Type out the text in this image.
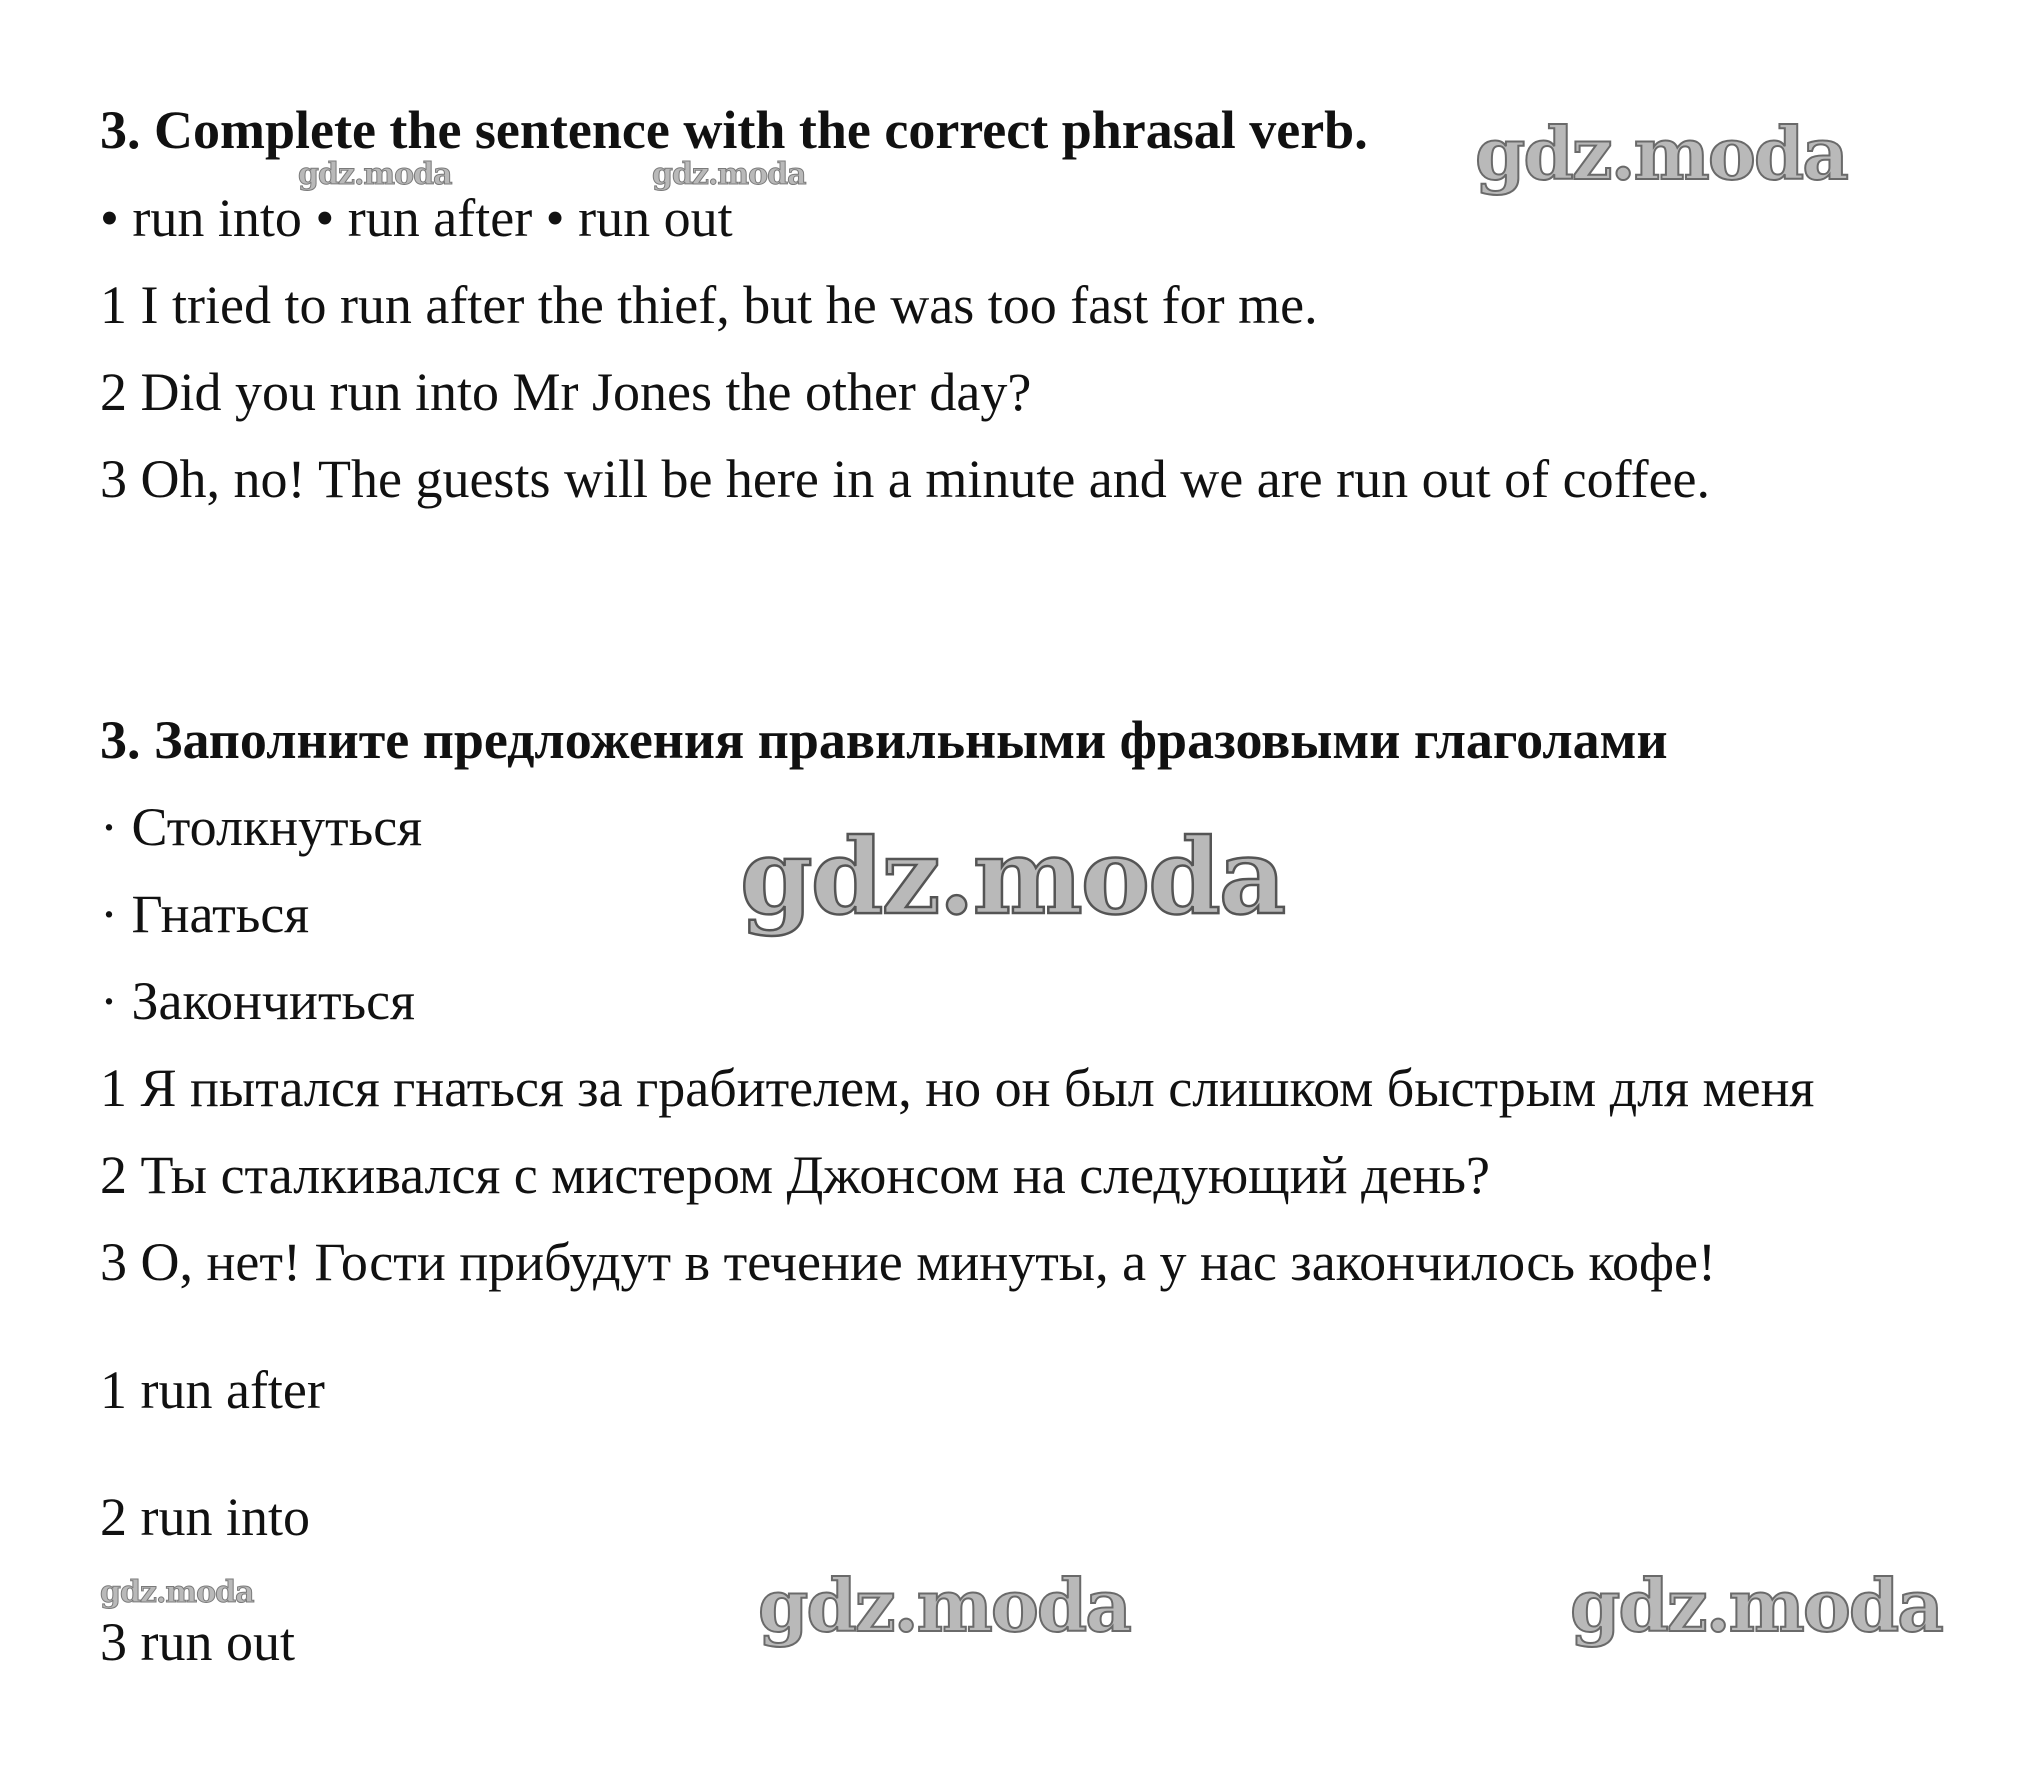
3. Complete the sentence with the correct phrasal verb.
• run into • run after • run out
1 I tried to run after the thief, but he was too fast for me.
2 Did you run into Mr Jones the other day?
3 Oh, no! The guests will be here in a minute and we are run out of coffee.
3. Заполните предложения правильными фразовыми глаголами
· Столкнуться
· Гнаться
· Закончиться
1 Я пытался гнаться за грабителем, но он был слишком быстрым для меня
2 Ты сталкивался с мистером Джонсом на следующий день?
3 О, нет! Гости прибудут в течение минуты, а у нас закончилось кофе!
1 run after
2 run into
3 run out
gdz.moda
gdz.moda	gdz.moda
gdz.moda
gdz.moda	gdz.moda	gdz.moda
